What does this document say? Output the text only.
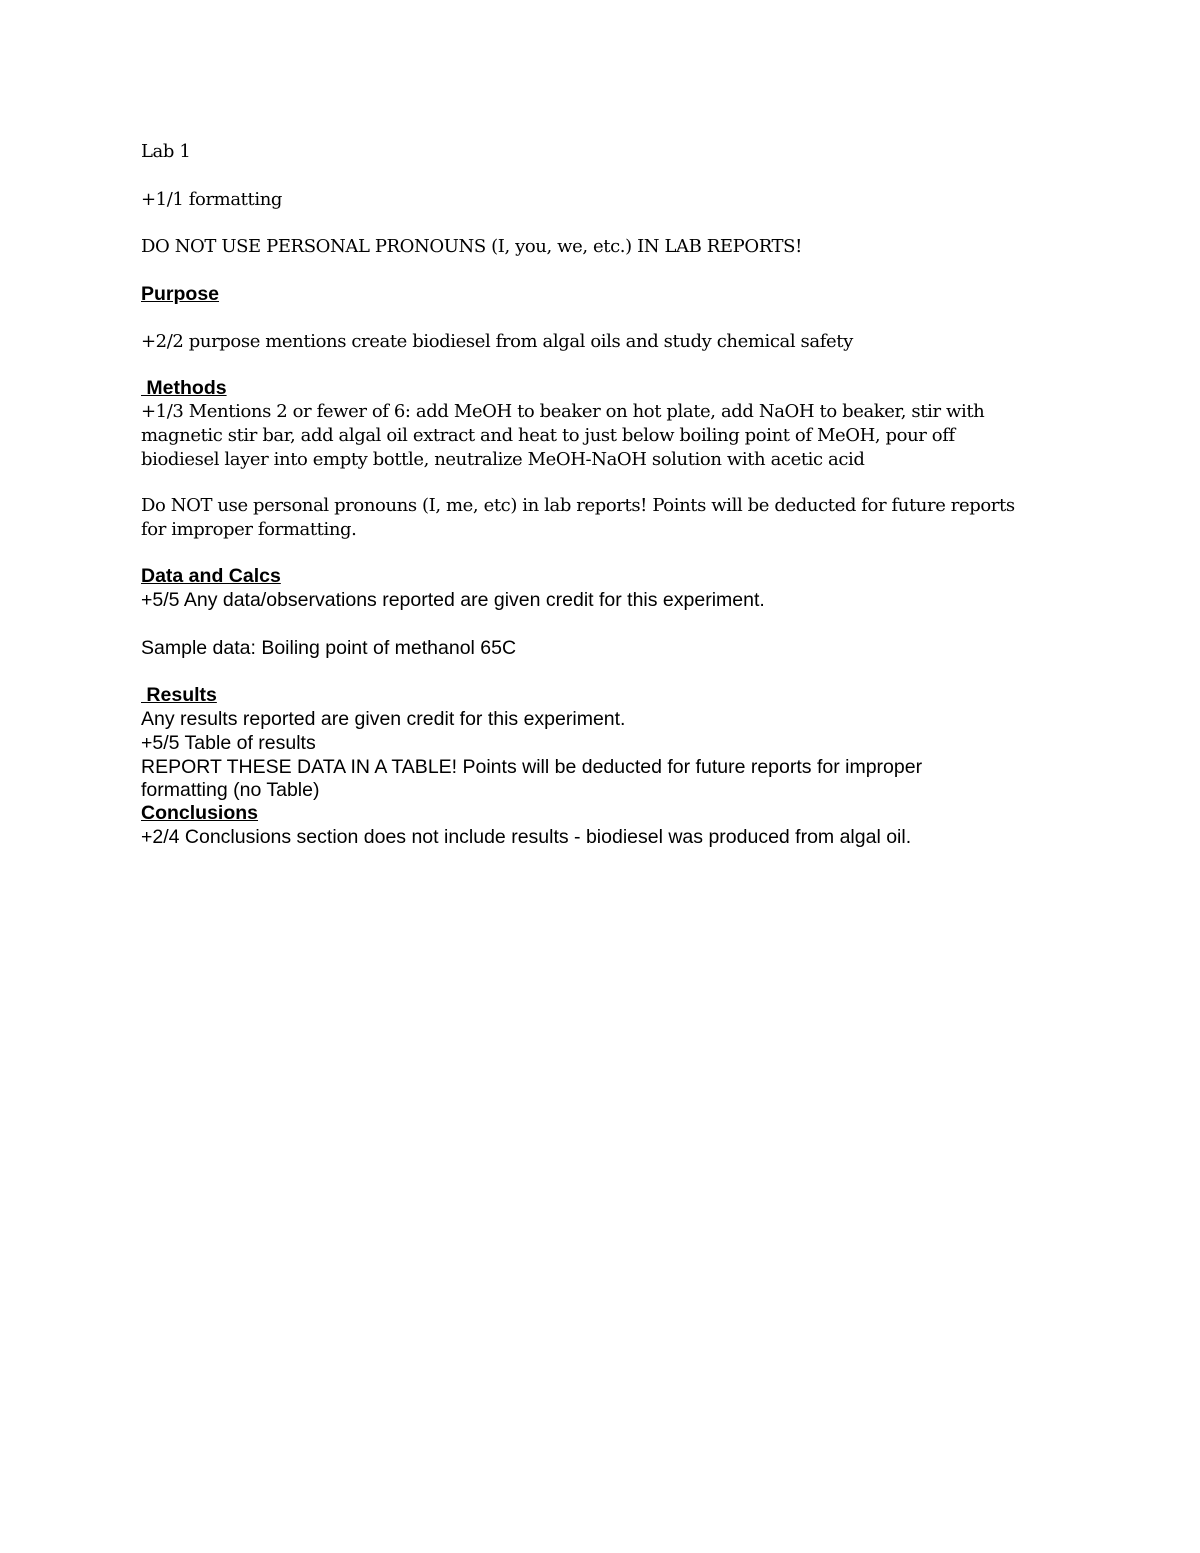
Lab 1
+1/1 formatting
DO NOT USE PERSONAL PRONOUNS (I, you, we, etc.) IN LAB REPORTS!
Purpose
+2/2 purpose mentions create biodiesel from algal oils and study chemical safety
Methods
+1/3 Mentions 2 or fewer of 6: add MeOH to beaker on hot plate, add NaOH to beaker, stir with
magnetic stir bar, add algal oil extract and heat to just below boiling point of MeOH, pour off
biodiesel layer into empty bottle, neutralize MeOH-NaOH solution with acetic acid
Do NOT use personal pronouns (I, me, etc) in lab reports! Points will be deducted for future reports
for improper formatting.
Data and Calcs
+5/5 Any data/observations reported are given credit for this experiment.
Sample data: Boiling point of methanol 65C
Results
Any results reported are given credit for this experiment.
+5/5 Table of results
REPORT THESE DATA IN A TABLE! Points will be deducted for future reports for improper
formatting (no Table)
Conclusions
+2/4 Conclusions section does not include results - biodiesel was produced from algal oil.
